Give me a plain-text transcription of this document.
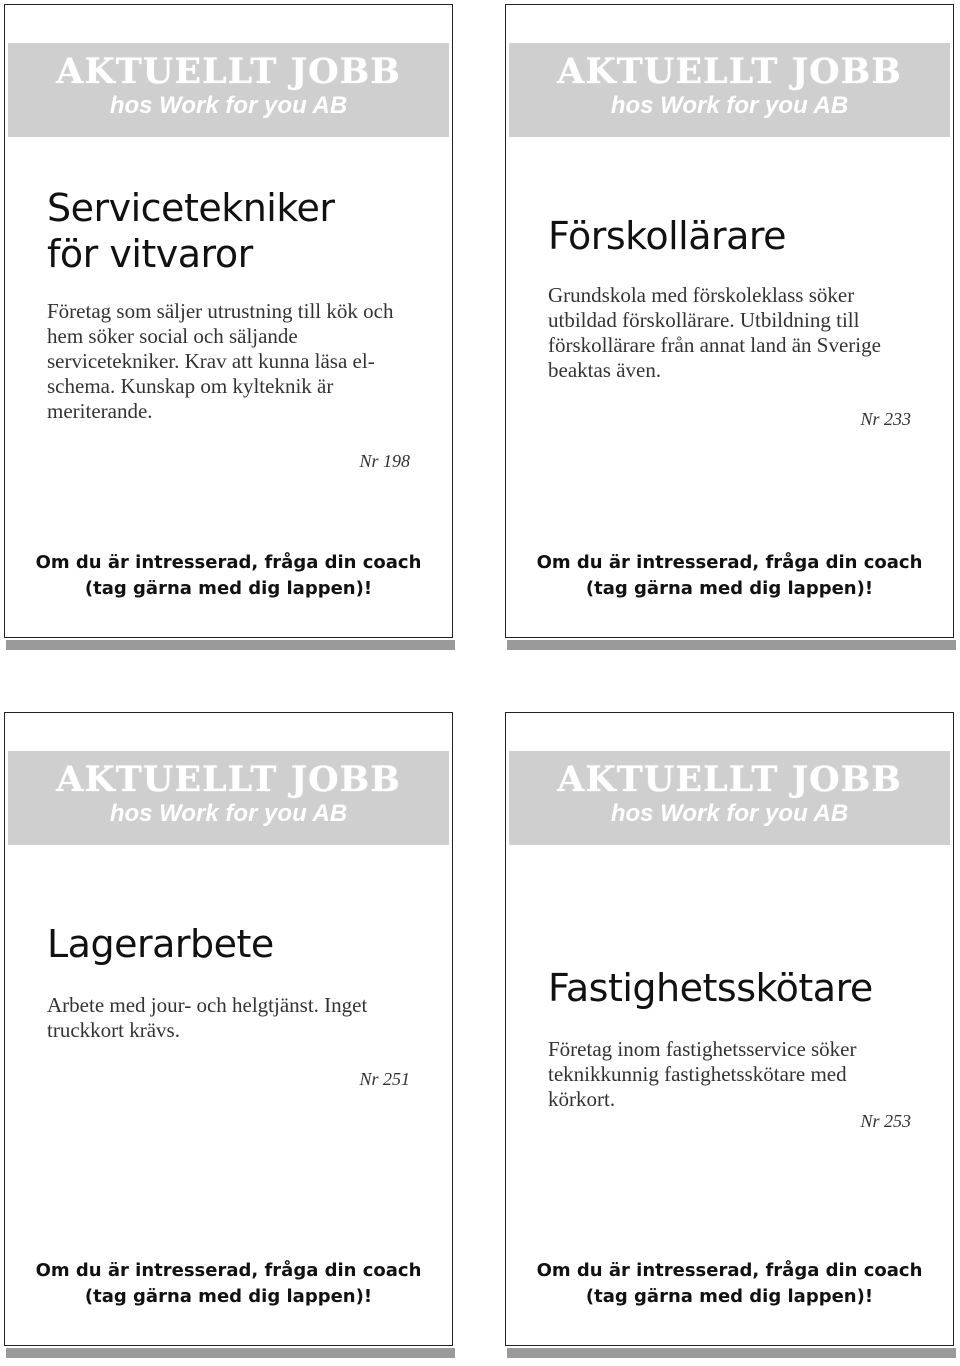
AKTUELLT JOBB
hos Work for you AB
Servicetekniker
för vitvaror
Företag som säljer utrustning till kök och hem söker social och säljande servicetekniker. Krav att kunna läsa el-schema. Kunskap om kylteknik är meriterande.
Nr 198
Om du är intresserad, fråga din coach
(tag gärna med dig lappen)!
AKTUELLT JOBB
hos Work for you AB
Förskollärare
Grundskola med förskoleklass söker utbildad förskollärare. Utbildning till förskollärare från annat land än Sverige beaktas även.
Nr 233
Om du är intresserad, fråga din coach
(tag gärna med dig lappen)!
AKTUELLT JOBB
hos Work for you AB
Lagerarbete
Arbete med jour- och helgtjänst. Inget truckkort krävs.
Nr 251
Om du är intresserad, fråga din coach
(tag gärna med dig lappen)!
AKTUELLT JOBB
hos Work for you AB
Fastighetsskötare
Företag inom fastighetsservice söker teknikkunnig fastighetsskötare med körkort.
Nr 253
Om du är intresserad, fråga din coach
(tag gärna med dig lappen)!
